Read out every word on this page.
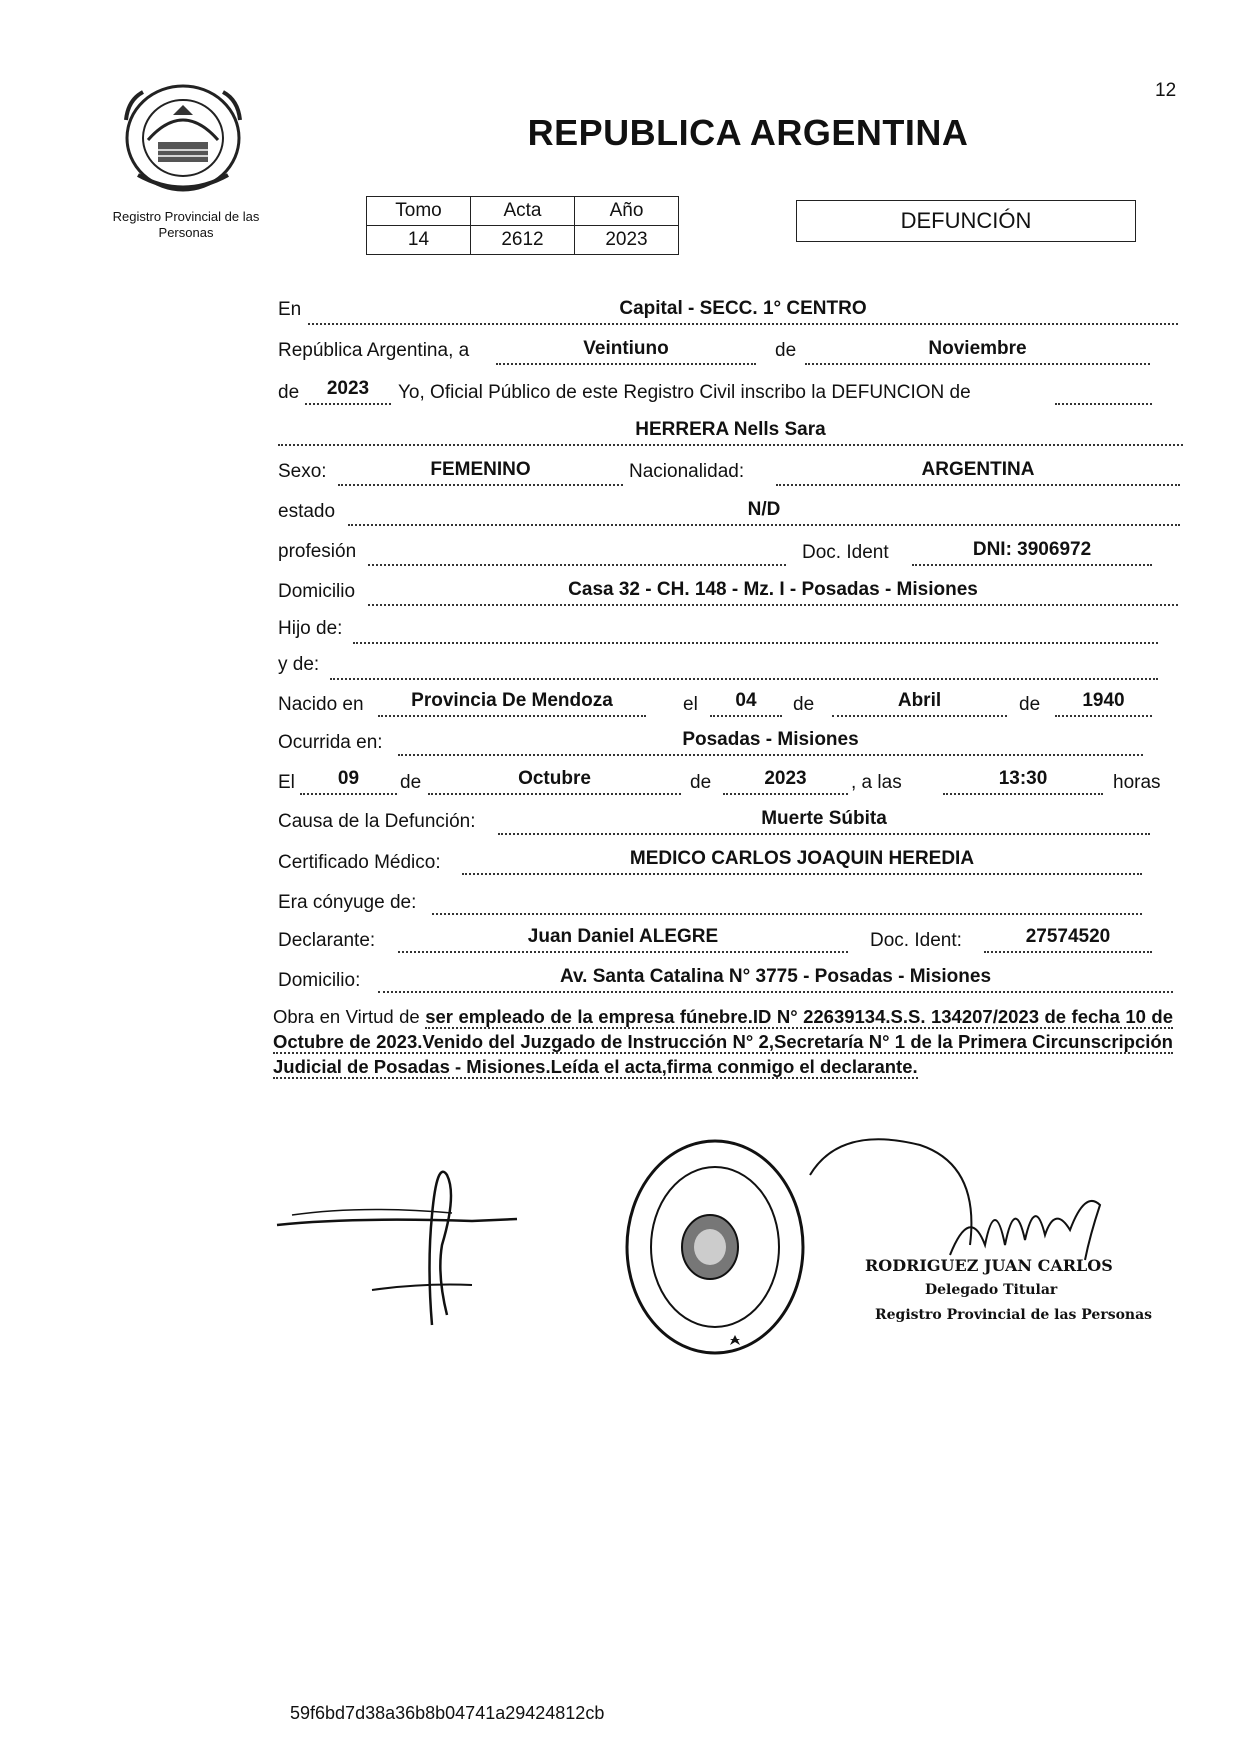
12
Registro Provincial de las Personas
REPUBLICA ARGENTINA
Tomo	Acta	Año
14	2612	2023
DEFUNCIÓN
En	Capital - SECC. 1° CENTRO
República Argentina, a	Veintiuno	de	Noviembre
de	2023	Yo, Oficial Público de este Registro Civil inscribo la DEFUNCION de
HERRERA Nells Sara
Sexo:	FEMENINO	Nacionalidad:	ARGENTINA
estado	N/D
profesión	Doc. Ident	DNI: 3906972
Domicilio	Casa 32 - CH. 148 - Mz. I - Posadas - Misiones
Hijo de:
y de:
Nacido en	Provincia De Mendoza	el	04	de	Abril	de	1940
Ocurrida en:	Posadas - Misiones
El	09	de	Octubre	de	2023	, a las	13:30	horas
Causa de la Defunción:	Muerte Súbita
Certificado Médico:	MEDICO CARLOS JOAQUIN HEREDIA
Era cónyuge de:
Declarante:	Juan Daniel ALEGRE	Doc. Ident:	27574520
Domicilio:	Av. Santa Catalina N° 3775 - Posadas - Misiones
Obra en Virtud de ser empleado de la empresa fúnebre.ID N° 22639134.S.S. 134207/2023 de fecha 10 de Octubre de 2023.Venido del Juzgado de Instrucción N° 2,Secretaría N° 1 de la Primera Circunscripción Judicial de Posadas - Misiones.Leída el acta,firma conmigo el declarante.
RODRIGUEZ JUAN CARLOS
Delegado Titular
Registro Provincial de las Personas
59f6bd7d38a36b8b04741a29424812cb
